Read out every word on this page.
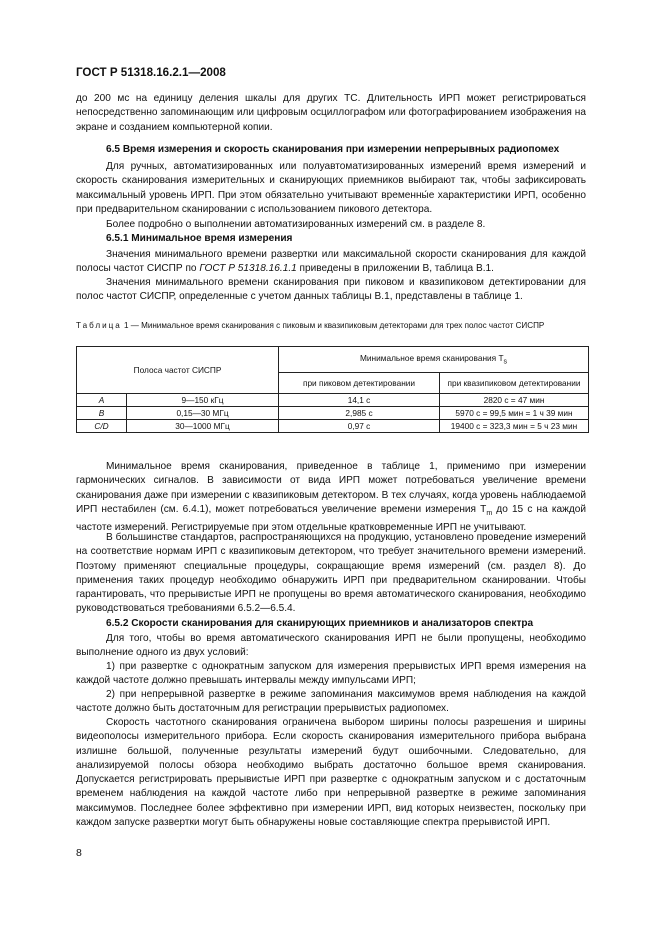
ГОСТ Р 51318.16.2.1—2008

до 200 мс на единицу деления шкалы для других ТС. Длительность ИРП может регистрироваться непосредственно запоминающим или цифровым осциллографом или фотографированием изображения на экране и созданием компьютерной копии.

6.5 Время измерения и скорость сканирования при измерении непрерывных радиопомех

Для ручных, автоматизированных или полуавтоматизированных измерений время измерений и скорость сканирования измерительных и сканирующих приемников выбирают так, чтобы зафиксировать максимальный уровень ИРП. При этом обязательно учитывают временны́е характеристики ИРП, особенно при предварительном сканировании с использованием пикового детектора.

Более подробно о выполнении автоматизированных измерений см. в разделе 8.

6.5.1 Минимальное время измерения

Значения минимального времени развертки или максимальной скорости сканирования для каждой полосы частот СИСПР по ГОСТ Р 51318.16.1.1 приведены в приложении В, таблица В.1.

Значения минимального времени сканирования при пиковом и квазипиковом детектировании для полос частот СИСПР, определенные с учетом данных таблицы В.1, представлены в таблице 1.

Таблица 1 — Минимальное время сканирования с пиковым и квазипиковым детекторами для трех полос частот СИСПР

Полоса частот СИСПР		Минимальное время сканирования $T_s$
		при пиковом детектировании	при квазипиковом детектировании
A	9—150 кГц	14,1 с	2820 с = 47 мин
B	0,15—30 МГц	2,985 с	5970 с = 99,5 мин = 1 ч 39 мин
C/D	30—1000 МГц	0,97 с	19400 с = 323,3 мин = 5 ч 23 мин

Минимальное время сканирования, приведенное в таблице 1, применимо при измерении гармонических сигналов. В зависимости от вида ИРП может потребоваться увеличение времени сканирования даже при измерении с квазипиковым детектором. В тех случаях, когда уровень наблюдаемой ИРП нестабилен (см. 6.4.1), может потребоваться увеличение времени измерения $T_m$ до 15 с на каждой частоте измерений. Регистрируемые при этом отдельные кратковременные ИРП не учитывают.

В большинстве стандартов, распространяющихся на продукцию, установлено проведение измерений на соответствие нормам ИРП с квазипиковым детектором, что требует значительного времени измерений. Поэтому применяют специальные процедуры, сокращающие время измерений (см. раздел 8). До применения таких процедур необходимо обнаружить ИРП при предварительном сканировании. Чтобы гарантировать, что прерывистые ИРП не пропущены во время автоматического сканирования, необходимо руководствоваться требованиями 6.5.2—6.5.4.

6.5.2 Скорости сканирования для сканирующих приемников и анализаторов спектра

Для того, чтобы во время автоматического сканирования ИРП не были пропущены, необходимо выполнение одного из двух условий:

1) при развертке с однократным запуском для измерения прерывистых ИРП время измерения на каждой частоте должно превышать интервалы между импульсами ИРП;

2) при непрерывной развертке в режиме запоминания максимумов время наблюдения на каждой частоте должно быть достаточным для регистрации прерывистых радиопомех.

Скорость частотного сканирования ограничена выбором ширины полосы разрешения и ширины видеополосы измерительного прибора. Если скорость сканирования измерительного прибора выбрана излишне большой, полученные результаты измерений будут ошибочными. Следовательно, для анализируемой полосы обзора необходимо выбрать достаточно большое время сканирования. Допускается регистрировать прерывистые ИРП при развертке с однократным запуском и с достаточным временем наблюдения на каждой частоте либо при непрерывной развертке в режиме запоминания максимумов. Последнее более эффективно при измерении ИРП, вид которых неизвестен, поскольку при каждом запуске развертки могут быть обнаружены новые составляющие спектра прерывистой ИРП.

8
